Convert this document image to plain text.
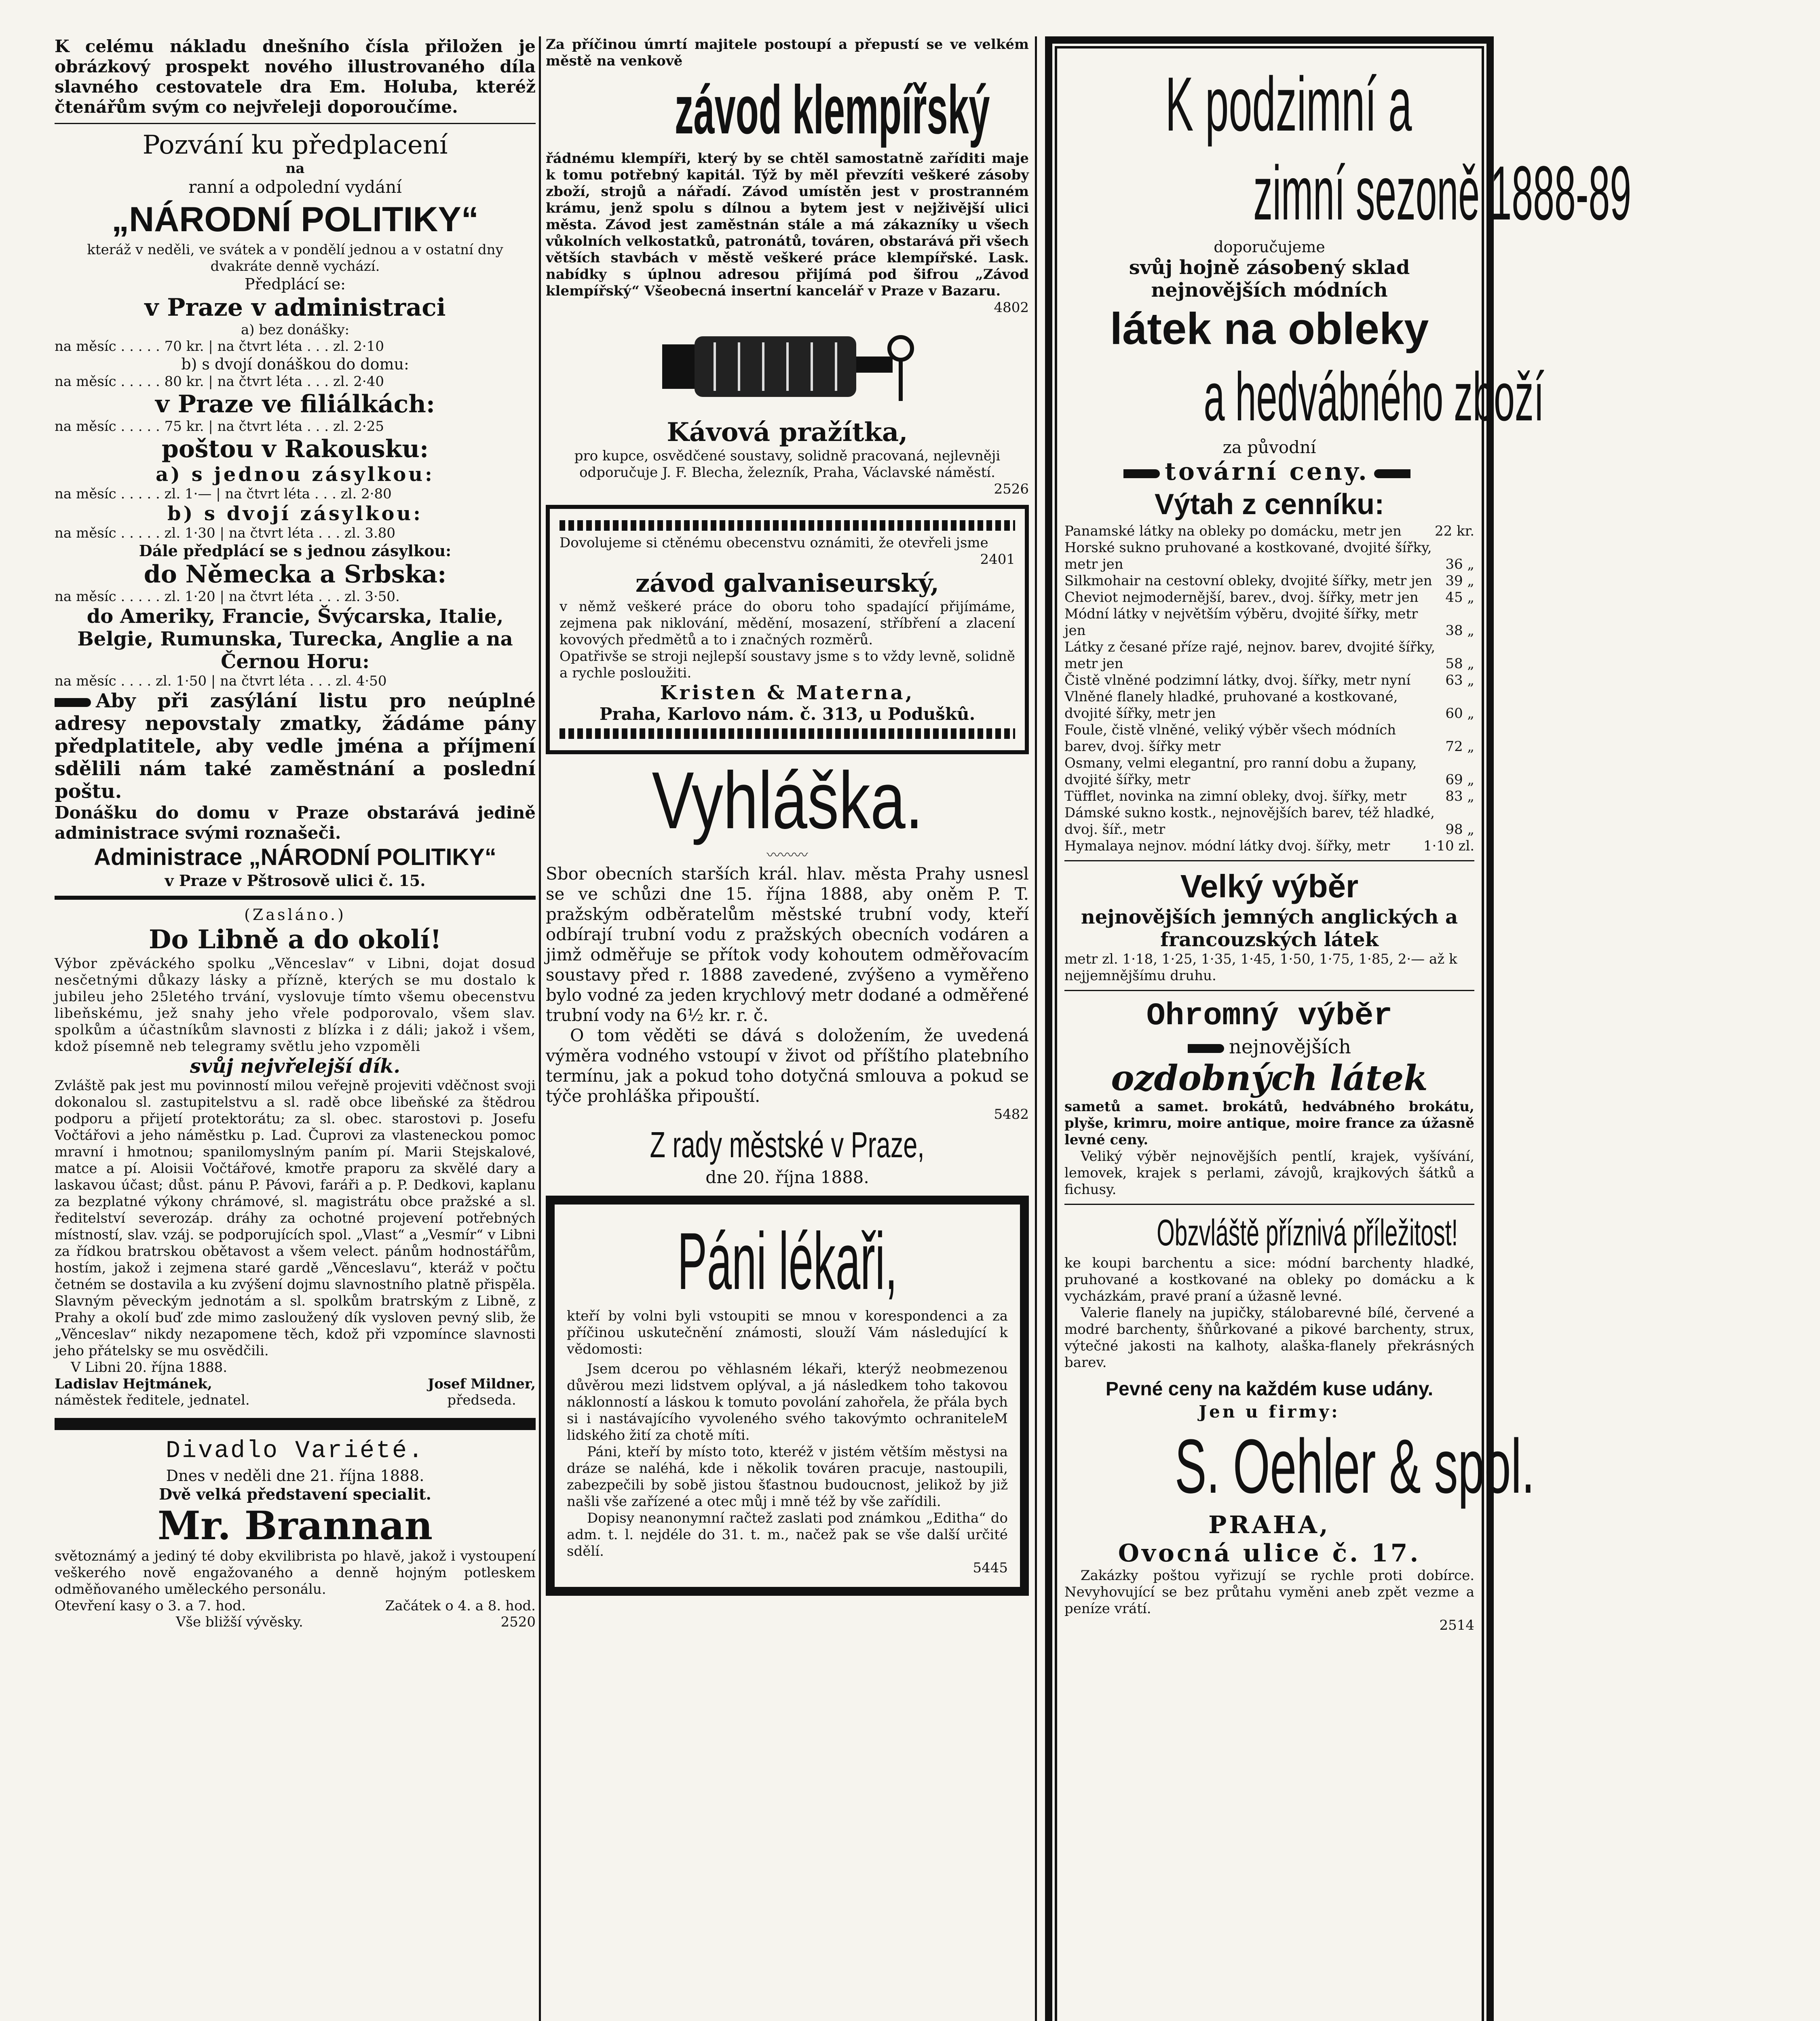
K celému nákladu dnešního čísla přiložen je obrázkový prospekt nového illustrovaného díla slavného cestovatele dra Em. Holuba, kteréž čtenářům svým co nejvřeleji doporoučíme.

Pozvání ku předplacení

na

ranní a odpolední vydání

„NÁRODNÍ POLITIKY“

kteráž v neděli, ve svátek a v pondělí jednou a v ostatní dny dvakráte denně vychází.

Předplácí se:

v Praze v administraci

a) bez donášky:

na měsíc . . . . . 70 kr. | na čtvrt léta . . . zl. 2·10

b) s dvojí donáškou do domu:

na měsíc . . . . . 80 kr. | na čtvrt léta . . . zl. 2·40

v Praze ve filiálkách:

na měsíc . . . . . 75 kr. | na čtvrt léta . . . zl. 2·25

poštou v Rakousku:

a) s jednou zásylkou:

na měsíc . . . . . zl. 1·— | na čtvrt léta . . . zl. 2·80

b) s dvojí zásylkou:

na měsíc . . . . . zl. 1·30 | na čtvrt léta . . . zl. 3.80

Dále předplácí se s jednou zásylkou:

do Německa a Srbska:

na měsíc . . . . . zl. 1·20 | na čtvrt léta . . . zl. 3·50.

do Ameriky, Francie, Švýcarska, Italie, Belgie, Rumunska, Turecka, Anglie a na Černou Horu:

na měsíc . . . . zl. 1·50 | na čtvrt léta . . . zl. 4·50

Aby při zasýlání listu pro neúplné adresy nepovstaly zmatky, žádáme pány předplatitele, aby vedle jména a příjmení sdělili nám také zaměstnání a poslední poštu.

Donášku do domu v Praze obstarává jedině administrace svými roznašeči.

Administrace „NÁRODNÍ POLITIKY“

v Praze v Pštrosově ulici č. 15.

(Zasláno.)

Do Libně a do okolí!

Výbor zpěváckého spolku „Věnceslav“ v Libni, dojat dosud nesčetnými důkazy lásky a přízně, kterých se mu dostalo k jubileu jeho 25letého trvání, vyslovuje tímto všemu obecenstvu libeňskému, jež snahy jeho vřele podporovalo, všem slav. spolkům a účastníkům slavnosti z blízka i z dáli; jakož i všem, kdož písemně neb telegramy světlu jeho vzpoměli

svůj nejvřelejší dík.

Zvláště pak jest mu povinností milou veřejně projeviti vděčnost svoji dokonalou sl. zastupitelstvu a sl. radě obce libeňské za štědrou podporu a přijetí protektorátu; za sl. obec. starostovi p. Josefu Vočtářovi a jeho náměstku p. Lad. Čuprovi za vlasteneckou pomoc mravní i hmotnou; spanilomyslným paním pí. Marii Stejskalové, matce a pí. Aloisii Vočtářové, kmotře praporu za skvělé dary a laskavou účast; důst. pánu P. Pávovi, faráři a p. P. Dedkovi, kaplanu za bezplatné výkony chrámové, sl. magistrátu obce pražské a sl. ředitelství severozáp. dráhy za ochotné projevení potřebných místností, slav. vzáj. se podporujících spol. „Vlast“ a „Vesmír“ v Libni za řídkou bratrskou obětavost a všem velect. pánům hodnostářům, hostím, jakož i zejmena staré gardě „Věnceslavu“, kteráž v počtu četném se dostavila a ku zvýšení dojmu slavnostního platně přispěla. Slavným pěveckým jednotám a sl. spolkům bratrským z Libně, z Prahy a okolí buď zde mimo zasloužený dík vysloven pevný slib, že „Věnceslav“ nikdy nezapomene těch, kdož při vzpomínce slavnosti jeho přátelsky se mu osvědčili.

V Libni 20. října 1888.

Ladislav Hejtmánek,

náměstek ředitele, jednatel.

Josef Mildner,

předseda.

Divadlo Variété.

Dnes v neděli dne 21. října 1888.

Dvě velká představení specialit.

Mr. Brannan

světoznámý a jediný té doby ekvilibrista po hlavě, jakož i vystoupení veškerého nově engažovaného a denně hojným potleskem odměňovaného uměleckého personálu.

Otevření kasy o 3. a 7. hod.	Začátek o 4. a 8. hod.
Vše bližší vývěsky.	2520

Za příčinou úmrtí majitele postoupí a přepustí se ve velkém městě na venkově

závod klempířský

řádnému klempíři, který by se chtěl samostatně zaříditi maje k tomu potřebný kapitál. Týž by měl převzíti veškeré zásoby zboží, strojů a nářadí. Závod umístěn jest v prostranném krámu, jenž spolu s dílnou a bytem jest v nejživější ulici města. Závod jest zaměstnán stále a má zákazníky u všech vůkolních velkostatků, patronátů, továren, obstarává při všech větších stavbách v městě veškeré práce klempířské. Lask. nabídky s úplnou adresou přijímá pod šifrou „Závod klempířský“ Všeobecná insertní kancelář v Praze v Bazaru.

4802

Kávová pražítka,

pro kupce, osvědčené soustavy, solidně pracovaná, nejlevněji odporučuje J. F. Blecha, železník, Praha, Václavské náměstí.

2526

Dovolujeme si ctěnému obecenstvu oznámiti, že otevřeli jsme

2401

závod galvaniseurský,

v němž veškeré práce do oboru toho spadající přijímáme, zejmena pak niklování, mědění, mosazení, stříbření a zlacení kovových předmětů a to i značných rozměrů.

Opatřivše se stroji nejlepší soustavy jsme s to vždy levně, solidně a rychle posloužiti.

Kristen & Materna,

Praha, Karlovo nám. č. 313, u Poduškû.

Vyhláška.

〰〰〰

Sbor obecních starších král. hlav. města Prahy usnesl se ve schůzi dne 15. října 1888, aby oněm P. T. pražským odběratelům městské trubní vody, kteří odbírají trubní vodu z pražských obecních vodáren a jimž odměřuje se přítok vody kohoutem odměřovacím soustavy před r. 1888 zavedené, zvýšeno a vyměřeno bylo vodné za jeden krychlový metr dodané a odměřené trubní vody na 6½ kr. r. č.

O tom věděti se dává s doložením, že uvedená výměra vodného vstoupí v život od příštího platebního termínu, jak a pokud toho dotyčná smlouva a pokud se týče prohláška připouští.

5482

Z rady městské v Praze,

dne 20. října 1888.

Páni lékaři,

kteří by volni byli vstoupiti se mnou v korespondenci a za příčinou uskutečnění známosti, slouží Vám následující k vědomosti:

Jsem dcerou po věhlasném lékaři, kterýž neobmezenou důvěrou mezi lidstvem oplýval, a já následkem toho takovou náklonností a láskou k tomuto povolání zahořela, že přála bych si i nastávajícího vyvoleného svého takovýmto ochraniteleM lidského žití za chotě míti.

Páni, kteří by místo toto, kteréž v jistém větším městysi na dráze se naléhá, kde i několik továren pracuje, nastoupili, zabezpečili by sobě jistou šťastnou budoucnost, jelikož by již našli vše zařízené a otec můj i mně též by vše zařídili.

Dopisy neanonymní račtež zaslati pod známkou „Editha“ do adm. t. l. nejdéle do 31. t. m., načež pak se vše další určité sdělí.

5445

K podzimní a

zimní sezoně 1888-89

doporučujeme

svůj hojně zásobený sklad nejnovějších módních

látek na obleky

a hedvábného zboží

za původní

tovární ceny.

Výtah z cenníku:

Panamské látky na obleky po domácku, metr jen	22 kr.
Horské sukno pruhované a kostkované, dvojité šířky, metr jen	36 „
Silkmohair na cestovní obleky, dvojité šířky, metr jen 39 „
Cheviot nejmodernější, barev., dvoj. šířky, metr jen	45 „
Módní látky v největším výběru, dvojité šířky, metr jen	38 „
Látky z česané příze rajé, nejnov. barev, dvojité šířky, metr jen	58 „
Čistě vlněné podzimní látky, dvoj. šířky, metr nyní	63 „
Vlněné flanely hladké, pruhované a kostkované, dvojité šířky, metr jen	60 „
Foule, čistě vlněné, veliký výběr všech módních barev, dvoj. šířky metr	72 „
Osmany, velmi elegantní, pro ranní dobu a župany, dvojité šířky, metr	69 „
Tüfflet, novinka na zimní obleky, dvoj. šířky, metr	83 „
Dámské sukno kostk., nejnovějších barev, též hladké, dvoj. šíř., metr	98 „
Hymalaya nejnov. módní látky dvoj. šířky, metr	1·10 zl.

Velký výběr

nejnovějších jemných anglických a francouzských látek

metr zl. 1·18, 1·25, 1·35, 1·45, 1·50, 1·75, 1·85, 2·— až k nejjemnějšímu druhu.

Ohromný výběr

nejnovějších

ozdobných látek

sametů a samet. brokátů, hedvábného brokátu, plyše, krimru, moire antique, moire france za úžasně levné ceny.

Veliký výběr nejnovějších pentlí, krajek, vyšívání, lemovek, krajek s perlami, závojů, krajkových šátků a fichusy.

Obzvláště příznivá příležitost!

ke koupi barchentu a sice: módní barchenty hladké, pruhované a kostkované na obleky po domácku a k vycházkám, pravé praní a úžasně levné.

Valerie flanely na jupičky, stálobarevné bílé, červené a modré barchenty, šňůrkované a pikové barchenty, strux, výtečné jakosti na kalhoty, alaška-flanely překrásných barev.

Pevné ceny na každém kuse udány.

Jen u firmy:

S. Oehler & spol.

PRAHA,

Ovocná ulice č. 17.

Zakázky poštou vyřizují se rychle proti dobírce. Nevyhovující se bez průtahu vyměni aneb zpět vezme a peníze vrátí.

2514
